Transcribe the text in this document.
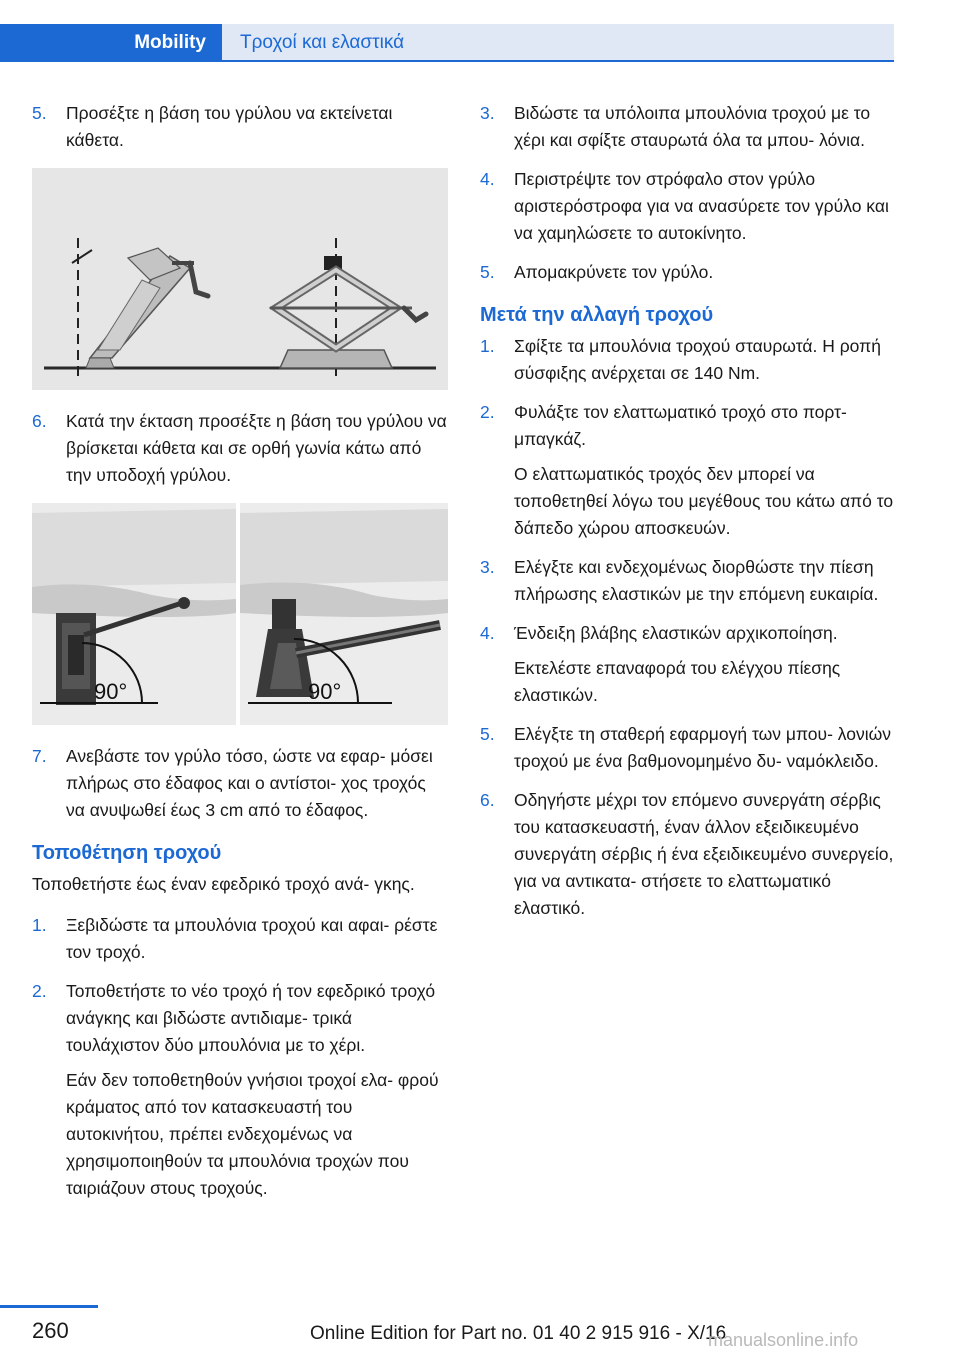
Mobility	Τροχοί και ελαστικά
5. Προσέξτε η βάση του γρύλου να εκτείνεται κάθετα.

6. Κατά την έκταση προσέξτε η βάση του γρύλου να βρίσκεται κάθετα και σε ορθή γωνία κάτω από την υποδοχή γρύλου.

90°	90°
7. Ανεβάστε τον γρύλο τόσο, ώστε να εφαρ‐ μόσει πλήρως στο έδαφος και ο αντίστοι‐ χος τροχός να ανυψωθεί έως 3 cm από το έδαφος.

Τοποθέτηση τροχού

Τοποθετήστε έως έναν εφεδρικό τροχό ανά‐ γκης.

1. Ξεβιδώστε τα μπουλόνια τροχού και αφαι‐ ρέστε τον τροχό.

2. Τοποθετήστε το νέο τροχό ή τον εφεδρικό τροχό ανάγκης και βιδώστε αντιδιαμε‐ τρικά τουλάχιστον δύο μπουλόνια με το χέρι.

Εάν δεν τοποθετηθούν γνήσιοι τροχοί ελα‐ φρού κράματος από τον κατασκευαστή του αυτοκινήτου, πρέπει ενδεχομένως να χρησιμοποιηθούν τα μπουλόνια τροχών που ταιριάζουν στους τροχούς.

3. Βιδώστε τα υπόλοιπα μπουλόνια τροχού με το χέρι και σφίξτε σταυρωτά όλα τα μπου‐ λόνια.

4. Περιστρέψτε τον στρόφαλο στον γρύλο αριστερόστροφα για να ανασύρετε τον γρύλο και να χαμηλώσετε το αυτοκίνητο.

5. Απομακρύνετε τον γρύλο.

Μετά την αλλαγή τροχού
1. Σφίξτε τα μπουλόνια τροχού σταυρωτά. Η ροπή σύσφιξης ανέρχεται σε 140 Nm.

2. Φυλάξτε τον ελαττωματικό τροχό στο πορτ-μπαγκάζ.

Ο ελαττωματικός τροχός δεν μπορεί να τοποθετηθεί λόγω του μεγέθους του κάτω από το δάπεδο χώρου αποσκευών.

3. Ελέγξτε και ενδεχομένως διορθώστε την πίεση πλήρωσης ελαστικών με την επόμενη ευκαιρία.

4. Ένδειξη βλάβης ελαστικών αρχικοποίηση.

Εκτελέστε επαναφορά του ελέγχου πίεσης ελαστικών.

5. Ελέγξτε τη σταθερή εφαρμογή των μπου‐ λονιών τροχού με ένα βαθμονομημένο δυ‐ ναμόκλειδο.

6. Οδηγήστε μέχρι τον επόμενο συνεργάτη σέρβις του κατασκευαστή, έναν άλλον εξειδικευμένο συνεργάτη σέρβις ή ένα εξειδικευμένο συνεργείο, για να αντικατα‐ στήσετε το ελαττωματικό ελαστικό.

260	Online Edition for Part no. 01 40 2 915 916 - X/16
manualsonline.info
